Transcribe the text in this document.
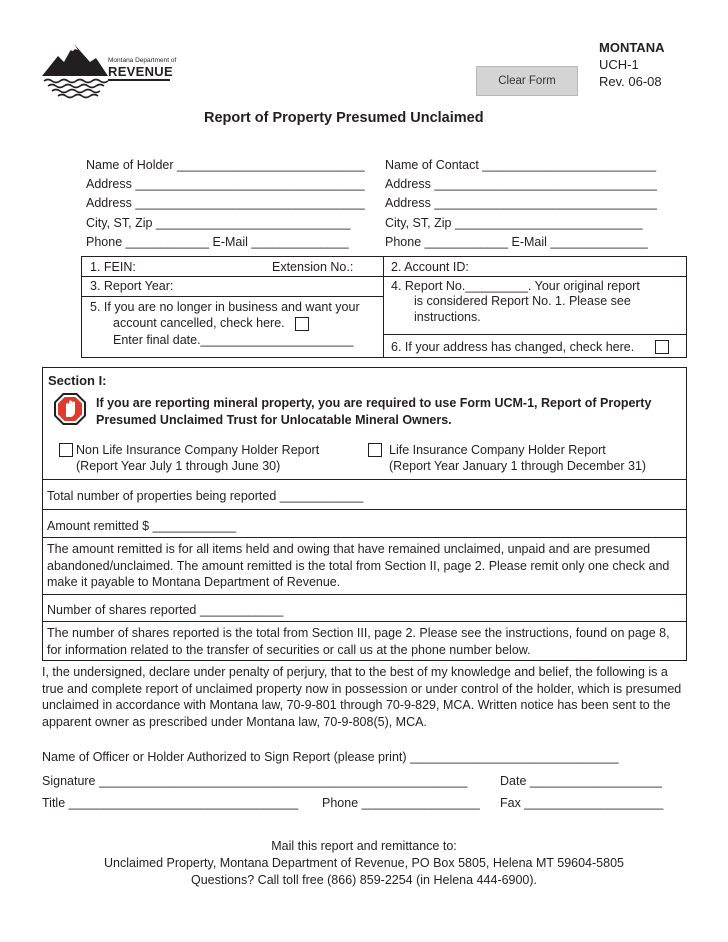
Montana Department of
REVENUE
Clear Form
MONTANA
UCH-1
Rev. 06-08
Report of Property Presumed Unclaimed
Name of Holder ___________________________
Address _________________________________
Address _________________________________
City, ST, Zip ____________________________
Phone ____________ E-Mail ______________
Name of Contact _________________________
Address ________________________________
Address ________________________________
City, ST, Zip ___________________________
Phone ____________ E-Mail ______________
1. FEIN:	Extension No.:
3. Report Year:
5. If you are no longer in business and want your
account cancelled, check here.
Enter final date.______________________
2. Account ID:
4. Report No._________. Your original report
is considered Report No. 1. Please see
instructions.
6. If your address has changed, check here.
Section I:
If you are reporting mineral property, you are required to use Form UCM-1, Report of Property
Presumed Unclaimed Trust for Unlocatable Mineral Owners.
Non Life Insurance Company Holder Report
(Report Year July 1 through June 30)
Life Insurance Company Holder Report
(Report Year January 1 through December 31)
Total number of properties being reported ____________
Amount remitted $ ____________
The amount remitted is for all items held and owing that have remained unclaimed, unpaid and are presumed abandoned/unclaimed. The amount remitted is the total from Section II, page 2. Please remit only one check and make it payable to Montana Department of Revenue.
Number of shares reported ____________
The number of shares reported is the total from Section III, page 2. Please see the instructions, found on page 8, for information related to the transfer of securities or call us at the phone number below.
I, the undersigned, declare under penalty of perjury, that to the best of my knowledge and belief, the following is a true and complete report of unclaimed property now in possession or under control of the holder, which is presumed unclaimed in accordance with Montana law, 70-9-801 through 70-9-829, MCA. Written notice has been sent to the apparent owner as prescribed under Montana law, 70-9-808(5), MCA.
Name of Officer or Holder Authorized to Sign Report (please print) ______________________________
Signature _____________________________________________________	Date ___________________
Title _________________________________ Phone _________________ Fax ____________________
Mail this report and remittance to:
Unclaimed Property, Montana Department of Revenue, PO Box 5805, Helena MT 59604-5805
Questions? Call toll free (866) 859-2254 (in Helena 444-6900).
